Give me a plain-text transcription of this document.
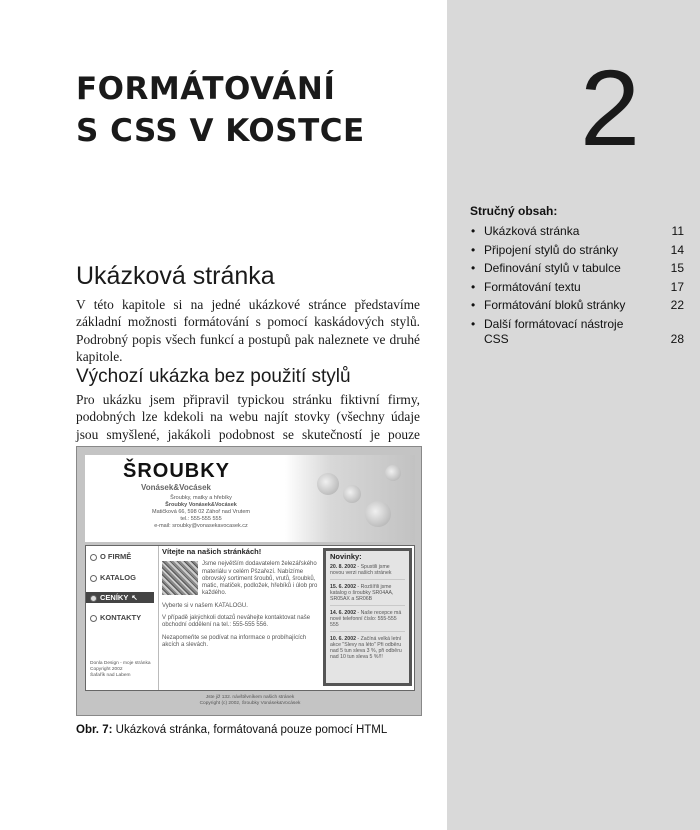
FORMÁTOVÁNÍ
S CSS V KOSTCE 2
Stručný obsah:
• Ukázková stránka	11
• Připojení stylů do stránky	14
• Definování stylů v tabulce	15
• Formátování textu	17
• Formátování bloků stránky	22
• Další formátovací nástroje CSS	28
Ukázková stránka

V této kapitole si na jedné ukázkové stránce představíme základní možnosti formátování s pomocí kaskádových stylů. Podrobný popis všech funkcí a postupů pak naleznete ve druhé kapitole.

Výchozí ukázka bez použití stylů

Pro ukázku jsem připravil typickou stránku fiktivní firmy, podobných lze kdekoli na webu najít stovky (všechny údaje jsou smyšlené, jakákoli podobnost se skutečností je pouze

ŠROUBKY
Vonásek&Vocásek
Šroubky, matky a hřebíky
Šroubky Vonásek&Vocásek
Matičková 66, 598 02 Záhoř nad Vrutem
tel.: 555-555 555
e-mail: sroubky@vonasekavocasek.cz
O FIRMĚ
KATALOG
CENÍKY ↖
KONTAKTY
Donla Design - moje stránka
Copyright 2002
Šafařík nad Labem
Vítejte na našich stránkách!

Jsme největším dodavatelem železářského materiálu v celém Pšzařezí. Nabízíme obrovský sortiment šroubů, vrutů, šroubků, matic, matiček, podložek, hřebíků i úlob pro každého.

Vyberte si v našem KATALOGU.

V případě jakýchkoli dotazů neváhejte kontaktovat naše obchodní oddělení na tel.: 555-555 556.

Nezapomeňte se podívat na informace o probíhajících akcích a slevách.

Novinky:
20. 8. 2002 - Spustili jsme novou verzi našich stránek
15. 6. 2002 - Rozšířili jsme katalog o šroubky SR04AA, SR05AX a SR06B
14. 6. 2002 - Naše recepce má nové telefonní číslo: 555-555 555
10. 6. 2002 - Začíná velká letní akce "Slevy na léto" Při odběru nad 5 tun sleva 3 %, při odběru nad 10 tun sleva 5 %!!!
Jste již 132. návštěvníkem našich stránek
Copyright (c) 2002, Šroubky Vonásek&Vocásek

Obr. 7: Ukázková stránka, formátovaná pouze pomocí HTML
